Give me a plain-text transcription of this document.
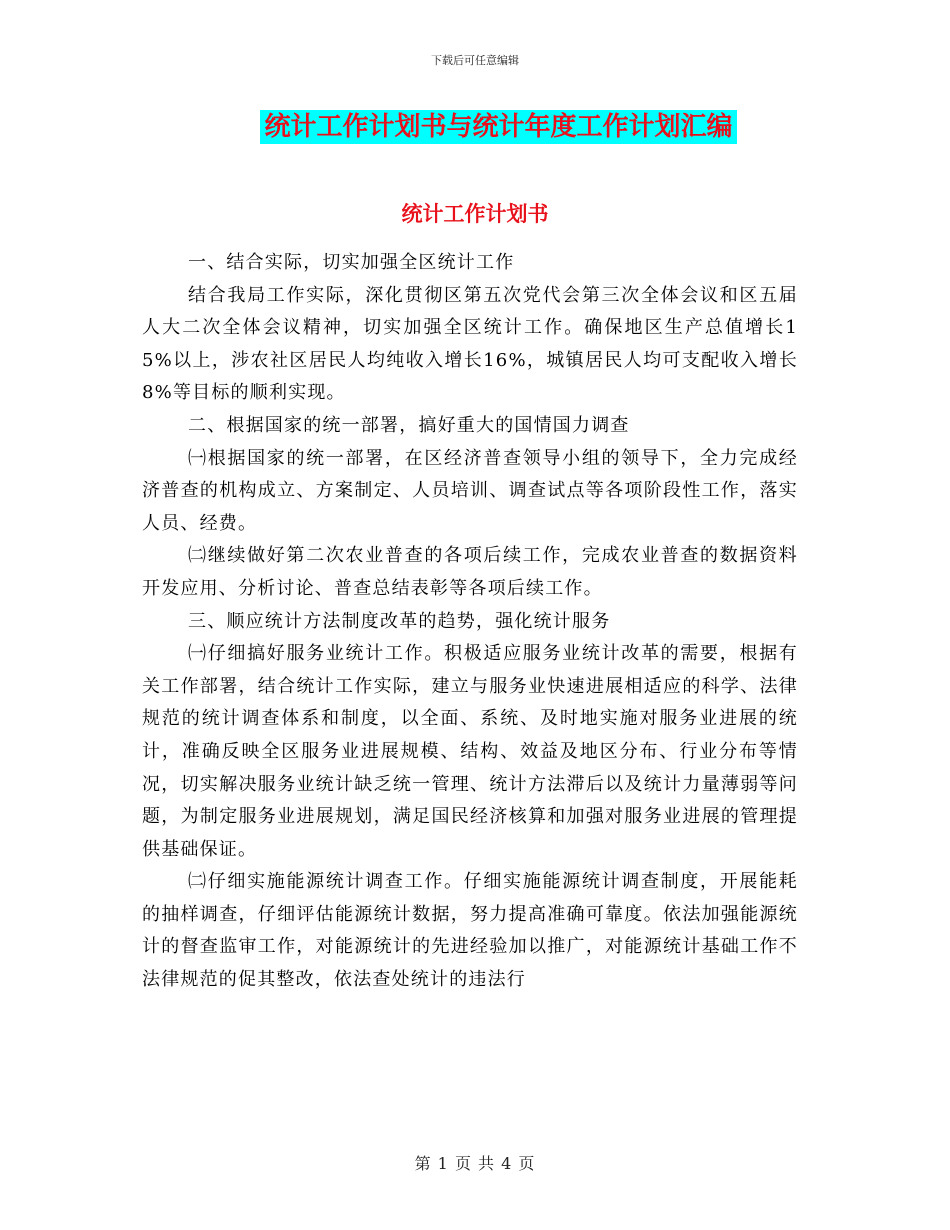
下载后可任意编辑
统计工作计划书与统计年度工作计划汇编
统计工作计划书

一、结合实际，切实加强全区统计工作

结合我局工作实际，深化贯彻区第五次党代会第三次全体会议和区五届人大二次全体会议精神，切实加强全区统计工作。确保地区生产总值增长15%以上，涉农社区居民人均纯收入增长16%，城镇居民人均可支配收入增长8%等目标的顺利实现。

二、根据国家的统一部署，搞好重大的国情国力调查

㈠根据国家的统一部署，在区经济普查领导小组的领导下，全力完成经济普查的机构成立、方案制定、人员培训、调查试点等各项阶段性工作，落实人员、经费。

㈡继续做好第二次农业普查的各项后续工作，完成农业普查的数据资料开发应用、分析讨论、普查总结表彰等各项后续工作。

三、顺应统计方法制度改革的趋势，强化统计服务

㈠仔细搞好服务业统计工作。积极适应服务业统计改革的需要，根据有关工作部署，结合统计工作实际，建立与服务业快速进展相适应的科学、法律规范的统计调查体系和制度，以全面、系统、及时地实施对服务业进展的统计，准确反映全区服务业进展规模、结构、效益及地区分布、行业分布等情况，切实解决服务业统计缺乏统一管理、统计方法滞后以及统计力量薄弱等问题，为制定服务业进展规划，满足国民经济核算和加强对服务业进展的管理提供基础保证。

㈡仔细实施能源统计调查工作。仔细实施能源统计调查制度，开展能耗的抽样调查，仔细评估能源统计数据，努力提高准确可靠度。依法加强能源统计的督查监审工作，对能源统计的先进经验加以推广，对能源统计基础工作不法律规范的促其整改，依法查处统计的违法行

第 1 页 共 4 页
